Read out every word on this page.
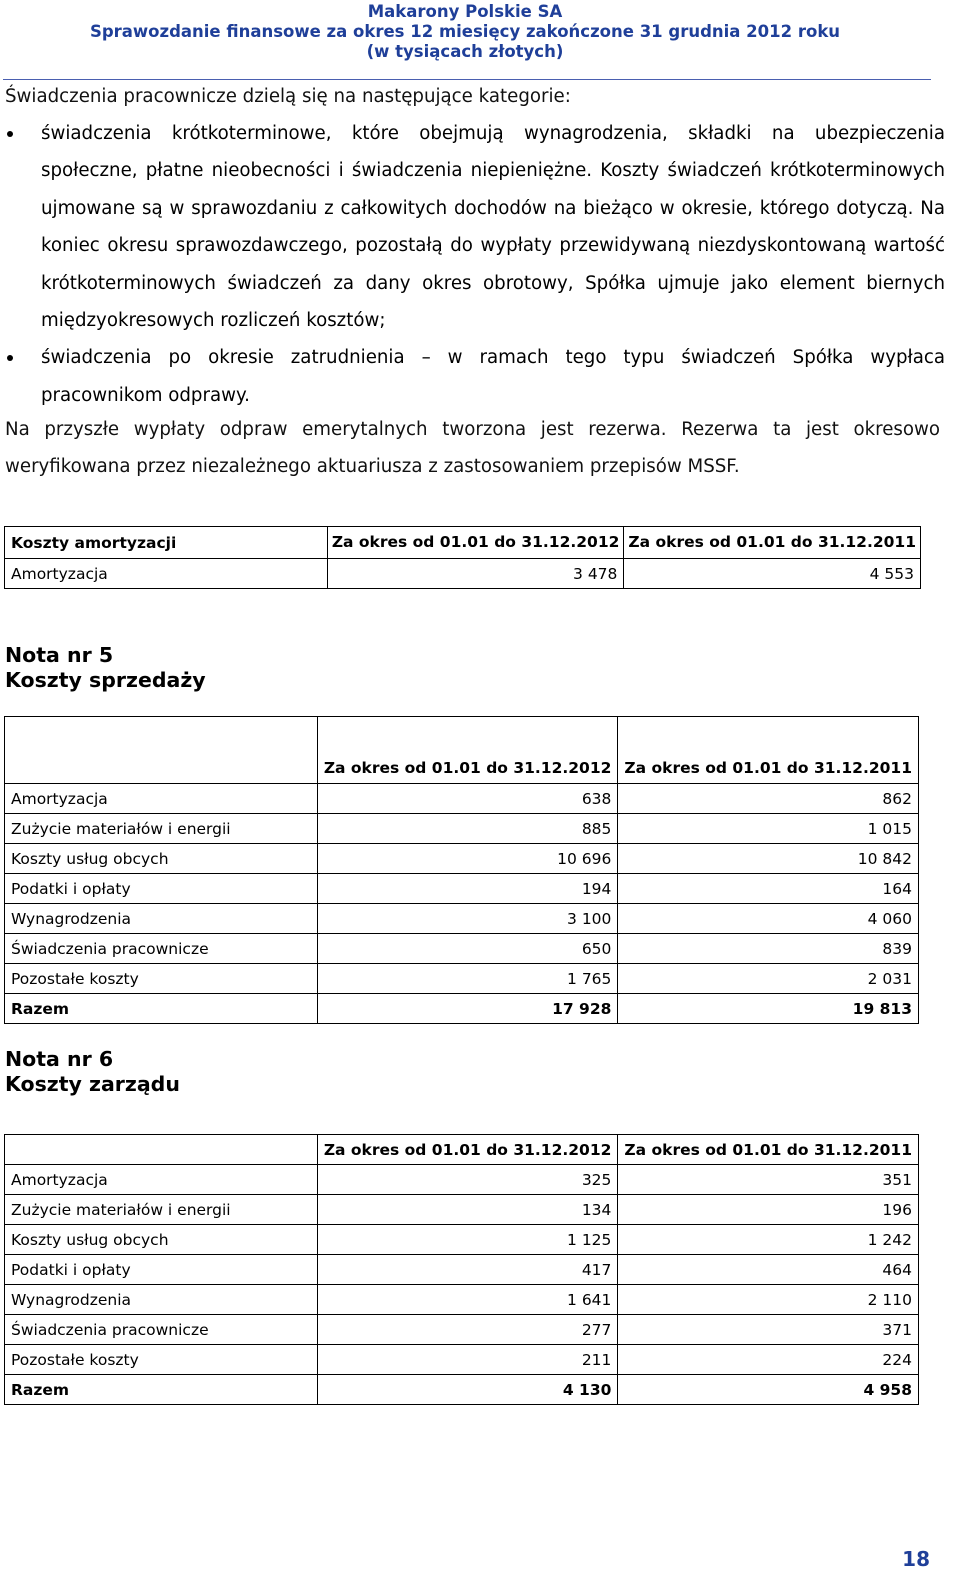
Makarony Polskie SA
Sprawozdanie finansowe za okres 12 miesięcy zakończone 31 grudnia 2012 roku
(w tysiącach złotych)

Świadczenia pracownicze dzielą się na następujące kategorie:

świadczenia krótkoterminowe, które obejmują wynagrodzenia, składki na ubezpieczenia społeczne, płatne nieobecności i świadczenia niepieniężne. Koszty świadczeń krótkoterminowych ujmowane są w sprawozdaniu z całkowitych dochodów na bieżąco w okresie, którego dotyczą. Na koniec okresu sprawozdawczego, pozostałą do wypłaty przewidywaną niezdyskontowaną wartość krótkoterminowych świadczeń za dany okres obrotowy, Spółka ujmuje jako element biernych międzyokresowych rozliczeń kosztów;
świadczenia po okresie zatrudnienia – w ramach tego typu świadczeń Spółka wypłaca pracownikom odprawy.

Na przyszłe wypłaty odpraw emerytalnych tworzona jest rezerwa. Rezerwa ta jest okresowo weryfikowana przez niezależnego aktuariusza z zastosowaniem przepisów MSSF.

Koszty amortyzacji	Za okres od 01.01 do 31.12.2012	Za okres od 01.01 do 31.12.2011
Amortyzacja	3 478	4 553
Nota nr 5
Koszty sprzedaży
	Za okres od 01.01 do 31.12.2012	Za okres od 01.01 do 31.12.2011
Amortyzacja	638	862
Zużycie materiałów i energii	885	1 015
Koszty usług obcych	10 696	10 842
Podatki i opłaty	194	164
Wynagrodzenia	3 100	4 060
Świadczenia pracownicze	650	839
Pozostałe koszty	1 765	2 031
Razem	17 928	19 813
Nota nr 6
Koszty zarządu
	Za okres od 01.01 do 31.12.2012	Za okres od 01.01 do 31.12.2011
Amortyzacja	325	351
Zużycie materiałów i energii	134	196
Koszty usług obcych	1 125	1 242
Podatki i opłaty	417	464
Wynagrodzenia	1 641	2 110
Świadczenia pracownicze	277	371
Pozostałe koszty	211	224
Razem	4 130	4 958
18
